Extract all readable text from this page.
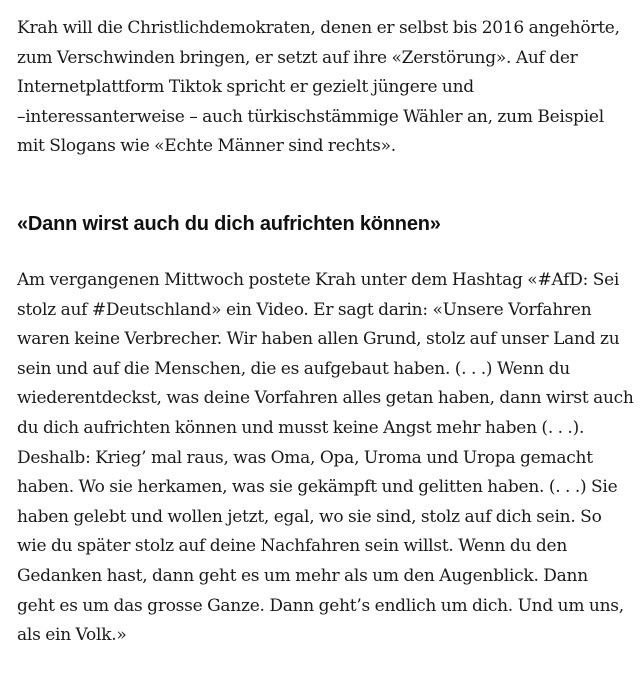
Krah will die Christlichdemokraten, denen er selbst bis 2016 angehörte,
zum Verschwinden bringen, er setzt auf ihre «Zerstörung». Auf der
Internetplattform Tiktok spricht er gezielt jüngere und
–interessanterweise – auch türkischstämmige Wähler an, zum Beispiel
mit Slogans wie «Echte Männer sind rechts».

«Dann wirst auch du dich aufrichten können»

Am vergangenen Mittwoch postete Krah unter dem Hashtag «#AfD: Sei
stolz auf #Deutschland» ein Video. Er sagt darin: «Unsere Vorfahren
waren keine Verbrecher. Wir haben allen Grund, stolz auf unser Land zu
sein und auf die Menschen, die es aufgebaut haben. (. . .) Wenn du
wiederentdeckst, was deine Vorfahren alles getan haben, dann wirst auch
du dich aufrichten können und musst keine Angst mehr haben (. . .).
Deshalb: Krieg’ mal raus, was Oma, Opa, Uroma und Uropa gemacht
haben. Wo sie herkamen, was sie gekämpft und gelitten haben. (. . .) Sie
haben gelebt und wollen jetzt, egal, wo sie sind, stolz auf dich sein. So
wie du später stolz auf deine Nachfahren sein willst. Wenn du den
Gedanken hast, dann geht es um mehr als um den Augenblick. Dann
geht es um das grosse Ganze. Dann geht’s endlich um dich. Und um uns,
als ein Volk.»
